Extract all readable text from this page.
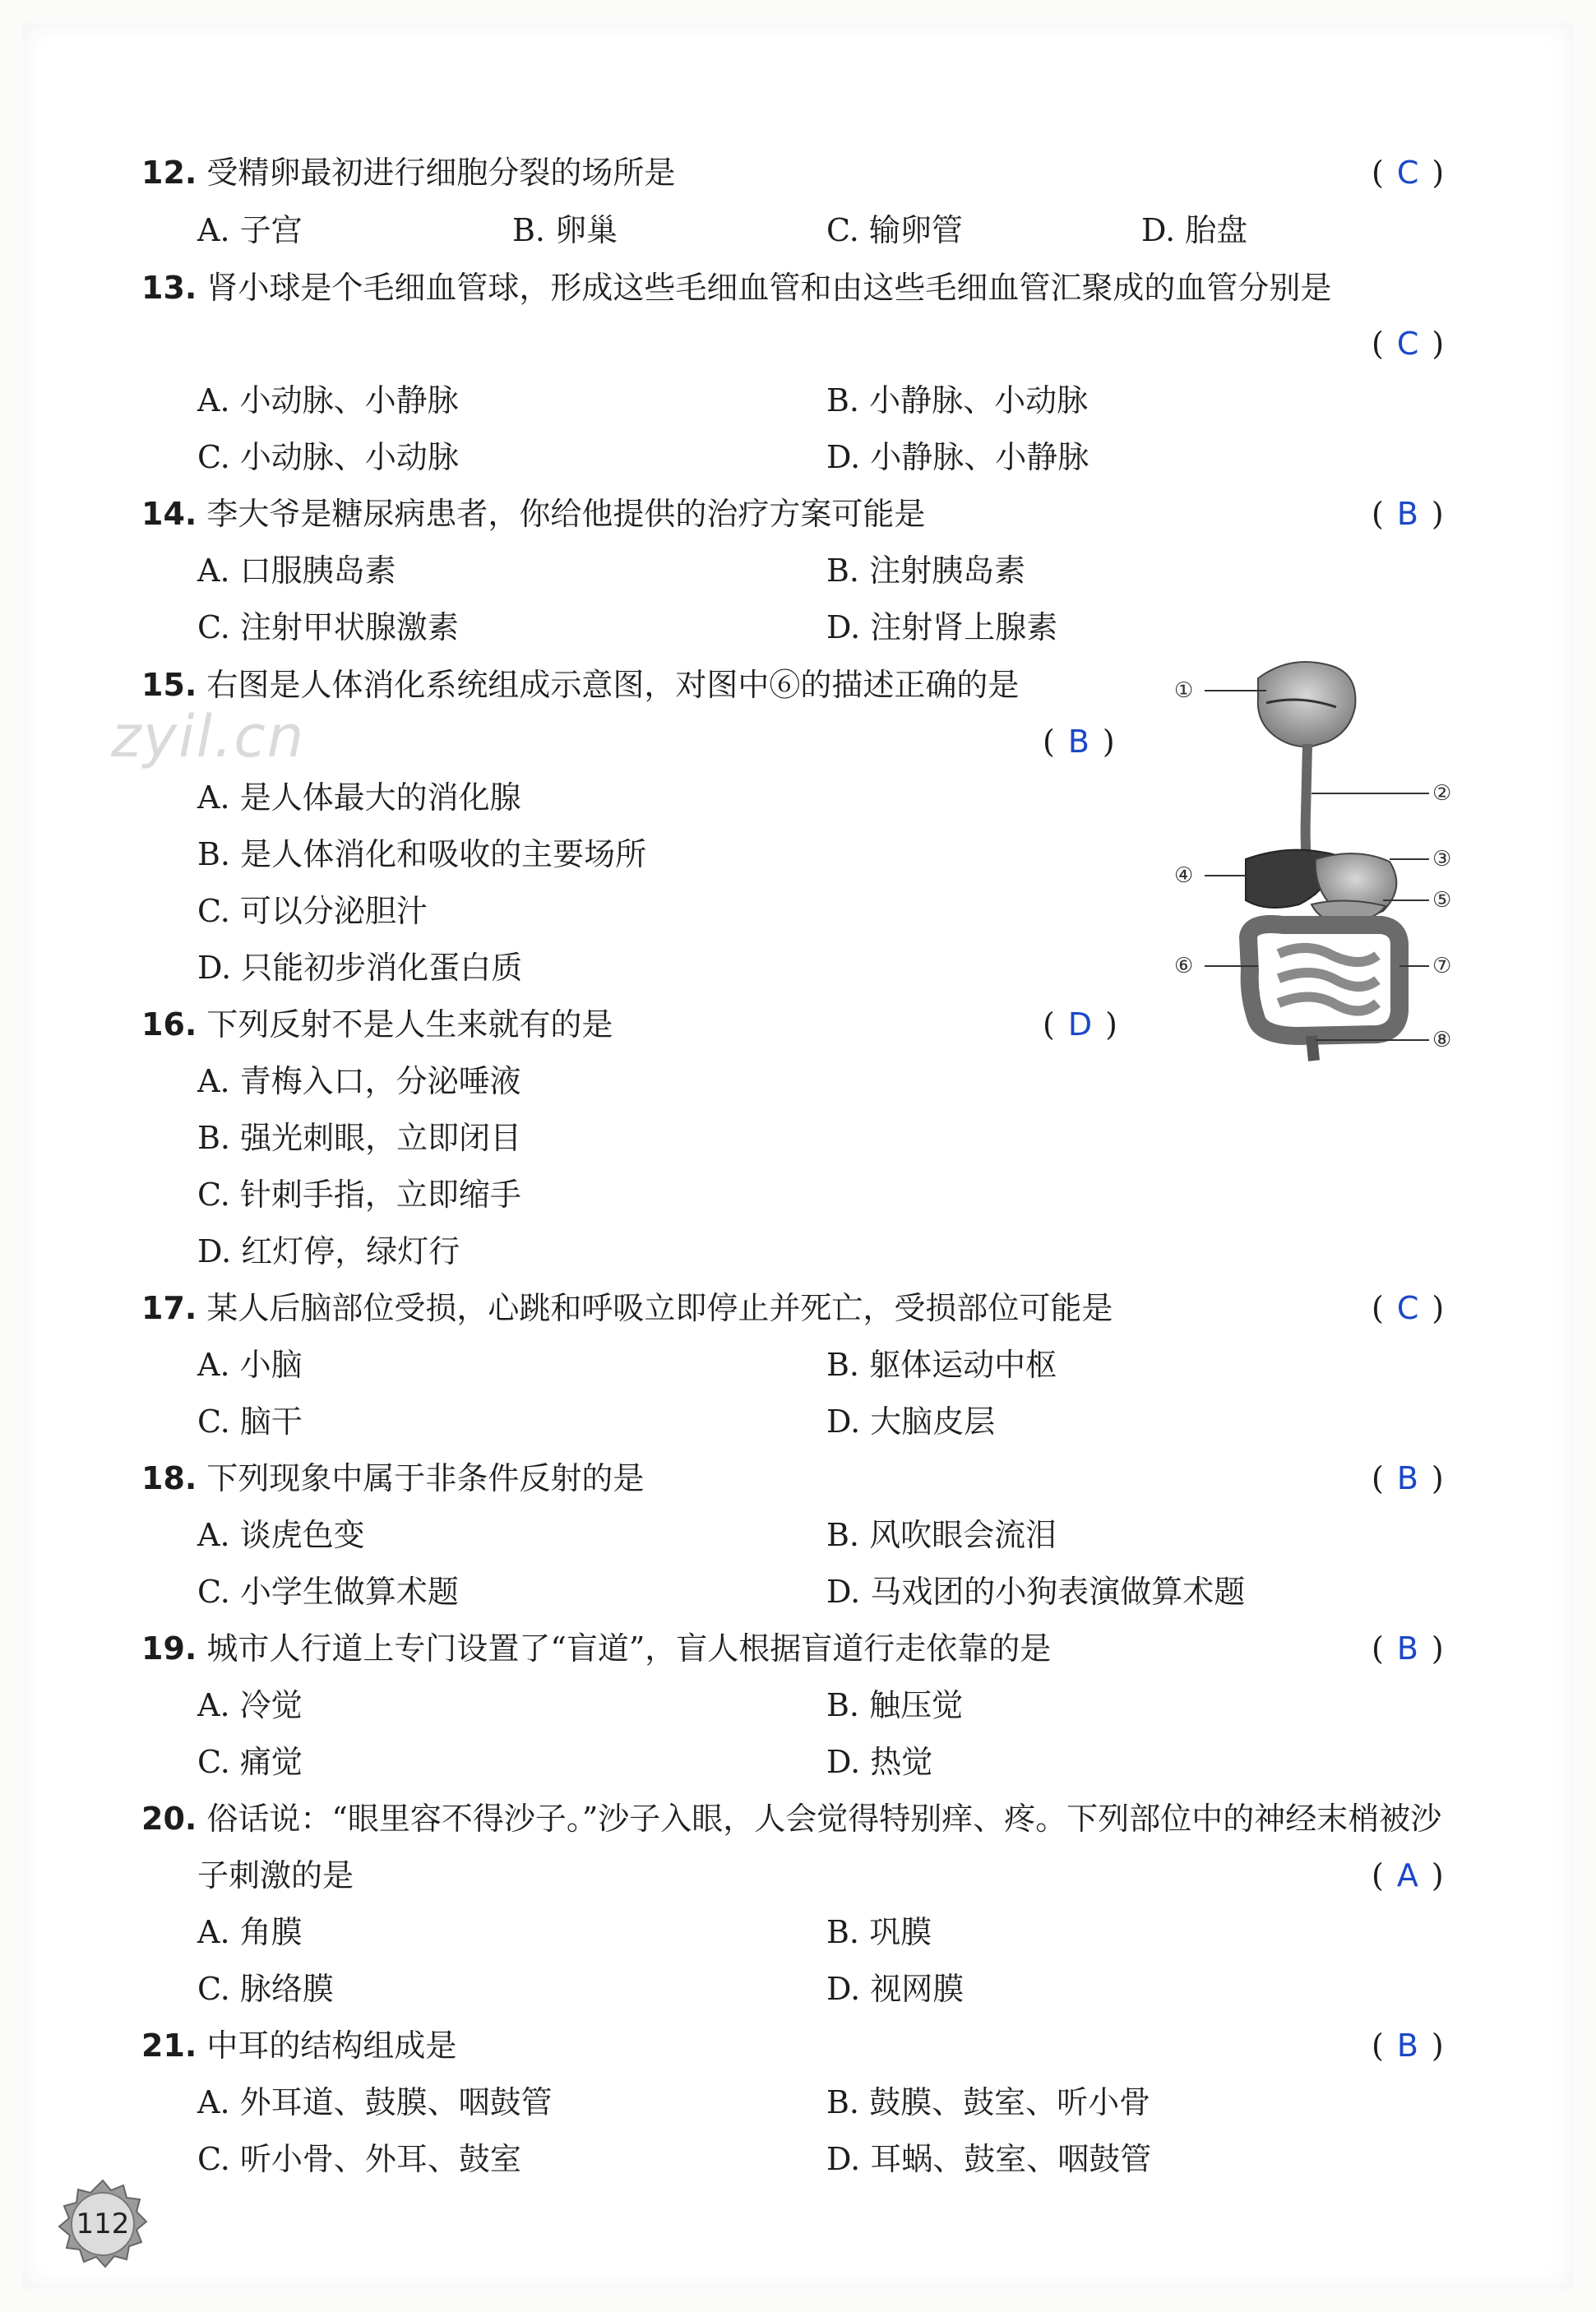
zyil.cn
12. 受精卵最初进行细胞分裂的场所是	( C )
A. 子宫	B. 卵巢	C. 输卵管	D. 胎盘
13. 肾小球是个毛细血管球，形成这些毛细血管和由这些毛细血管汇聚成的血管分别是
( C )
A. 小动脉、小静脉	B. 小静脉、小动脉
C. 小动脉、小动脉	D. 小静脉、小静脉
14. 李大爷是糖尿病患者，你给他提供的治疗方案可能是	( B )
A. 口服胰岛素	B. 注射胰岛素
C. 注射甲状腺激素	D. 注射肾上腺素
15. 右图是人体消化系统组成示意图，对图中⑥的描述正确的是
( B )
A. 是人体最大的消化腺
B. 是人体消化和吸收的主要场所
C. 可以分泌胆汁
D. 只能初步消化蛋白质
①
②
③
④
⑤
⑥	⑦
⑧
16. 下列反射不是人生来就有的是	( D )
A. 青梅入口，分泌唾液
B. 强光刺眼，立即闭目
C. 针刺手指，立即缩手
D. 红灯停，绿灯行
17. 某人后脑部位受损，心跳和呼吸立即停止并死亡，受损部位可能是	( C )
A. 小脑	B. 躯体运动中枢
C. 脑干	D. 大脑皮层
18. 下列现象中属于非条件反射的是	( B )
A. 谈虎色变	B. 风吹眼会流泪
C. 小学生做算术题	D. 马戏团的小狗表演做算术题
19. 城市人行道上专门设置了“盲道”，盲人根据盲道行走依靠的是	( B )
A. 冷觉	B. 触压觉
C. 痛觉	D. 热觉
20. 俗话说：“眼里容不得沙子。”沙子入眼，人会觉得特别痒、疼。下列部位中的神经末梢被沙
子刺激的是	( A )
A. 角膜	B. 巩膜
C. 脉络膜	D. 视网膜
21. 中耳的结构组成是	( B )
A. 外耳道、鼓膜、咽鼓管	B. 鼓膜、鼓室、听小骨
C. 听小骨、外耳、鼓室	D. 耳蜗、鼓室、咽鼓管
112
